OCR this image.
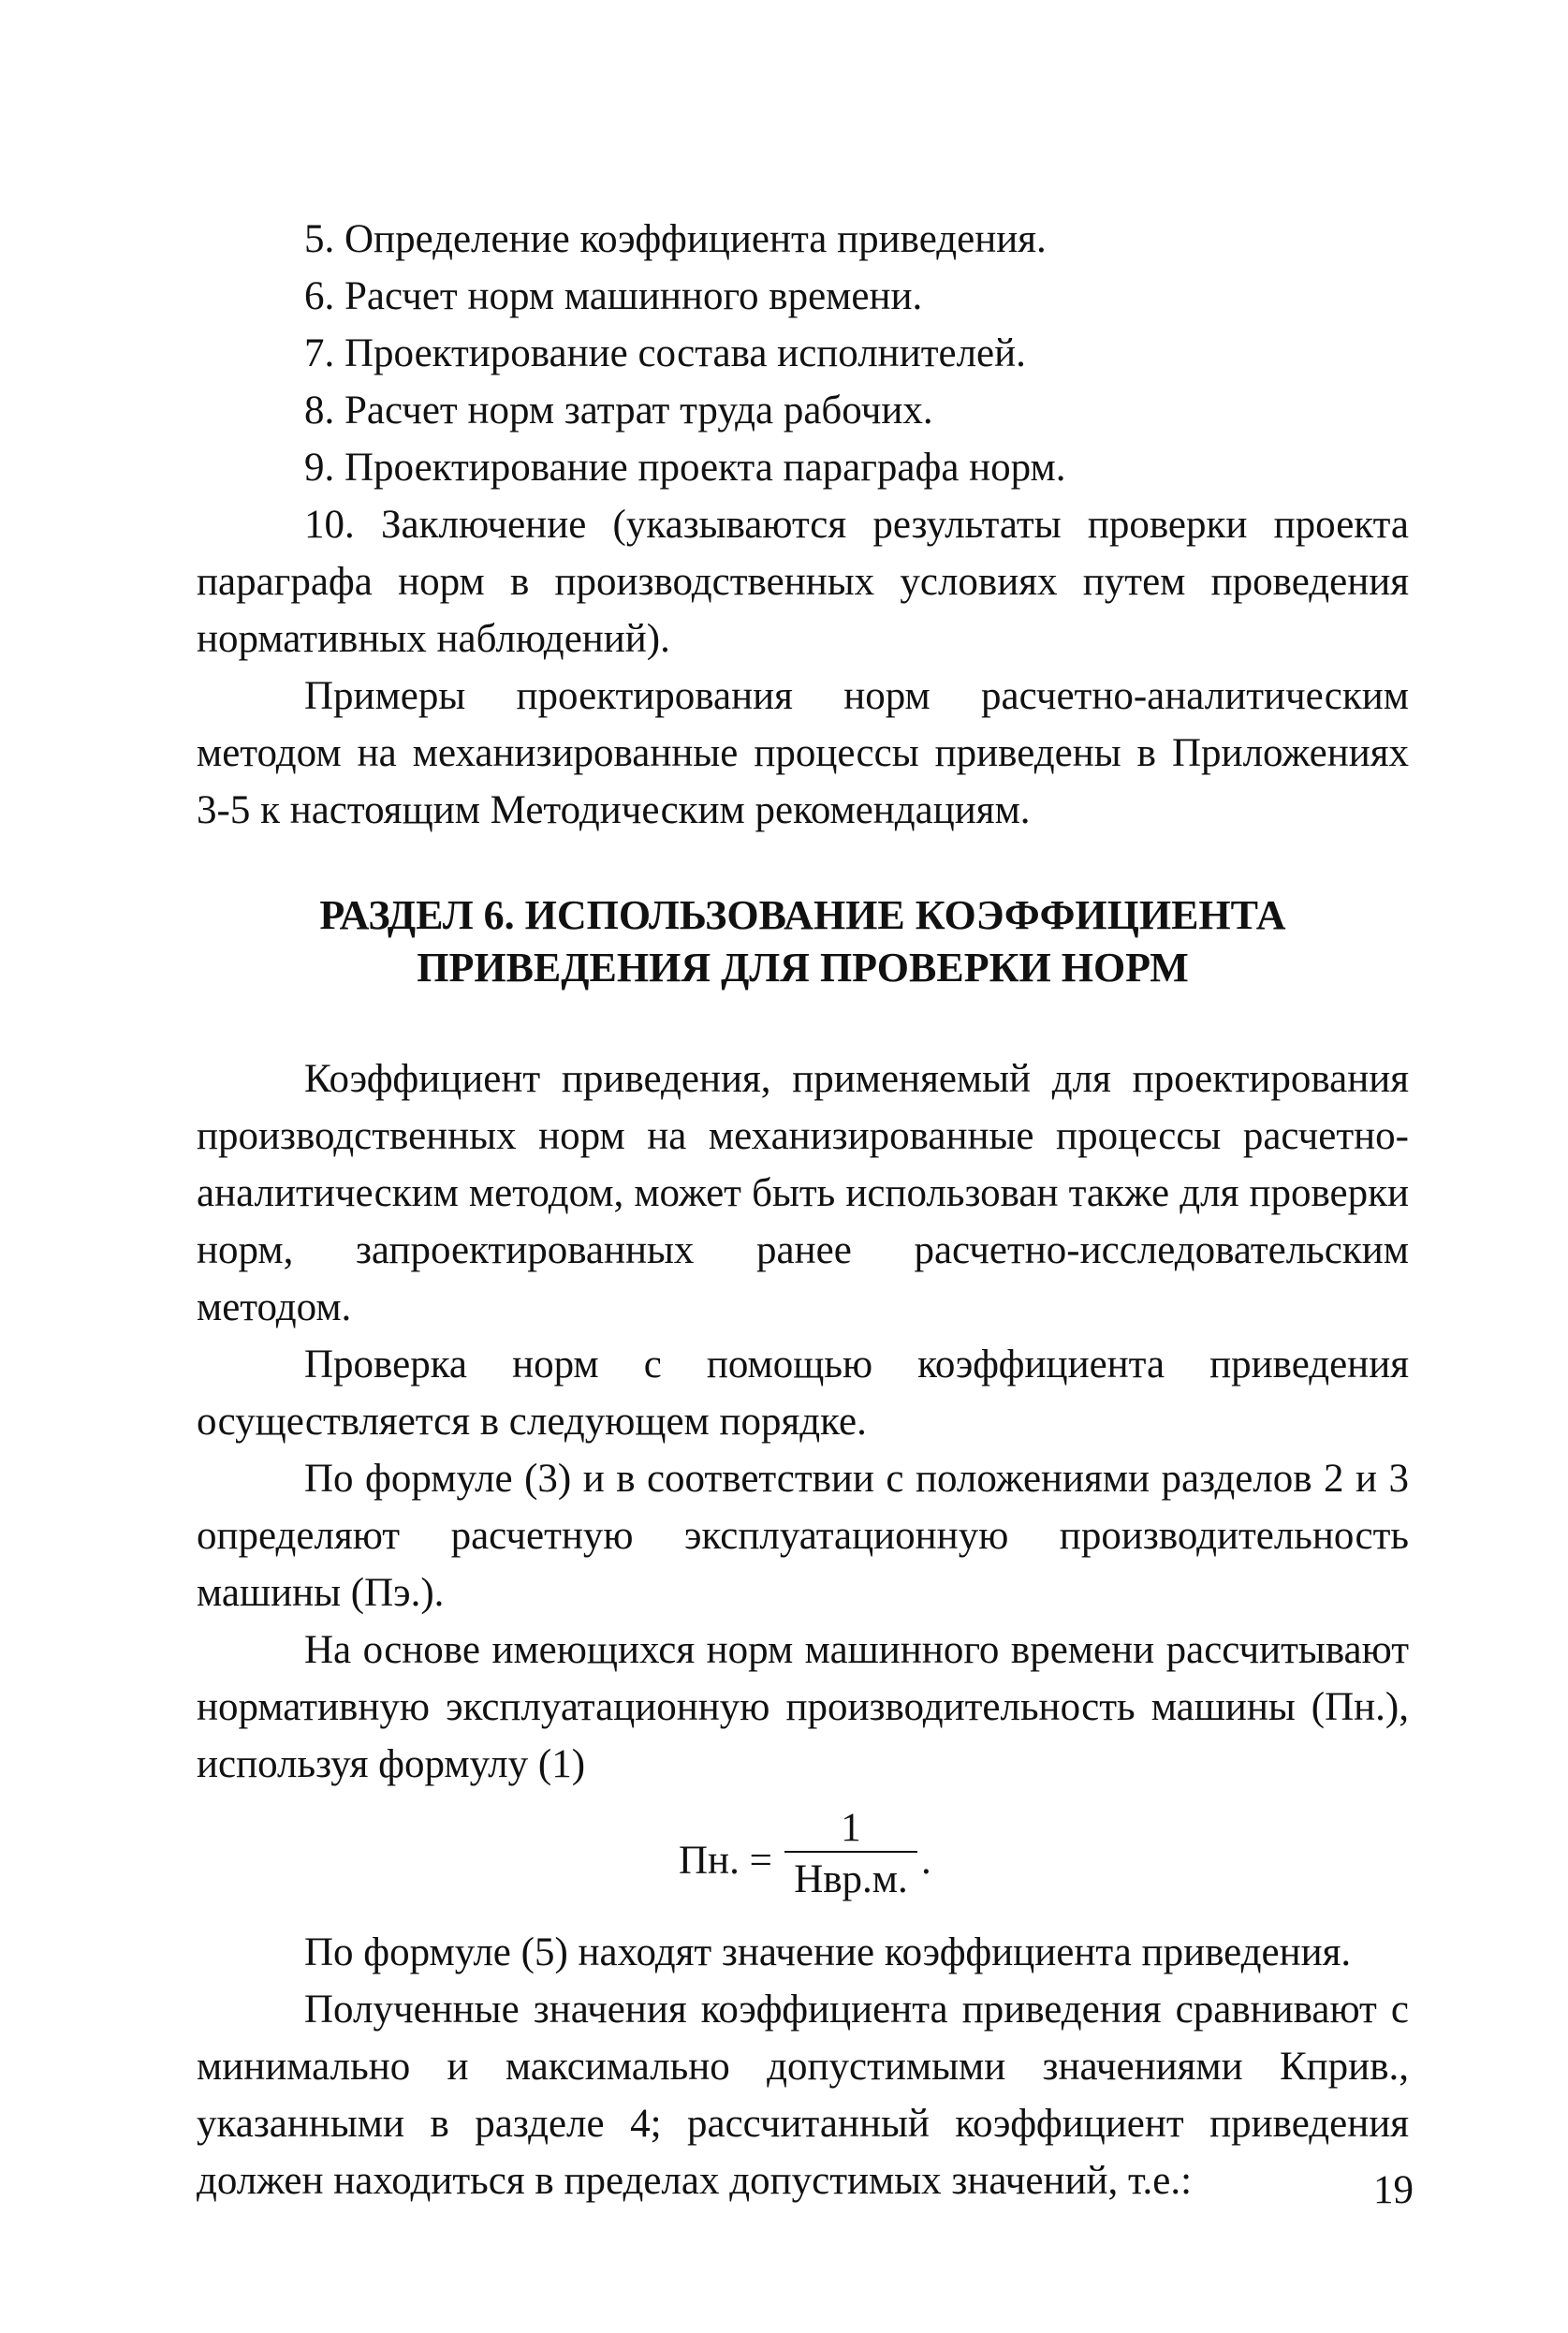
5. Определение коэффициента приведения.

6. Расчет норм машинного времени.

7. Проектирование состава исполнителей.

8. Расчет норм затрат труда рабочих.

9. Проектирование проекта параграфа норм.

10. Заключение (указываются результаты проверки проекта параграфа норм в производственных условиях путем проведения нормативных наблюдений).

Примеры проектирования норм расчетно-аналитическим методом на механизированные процессы приведены в Приложениях 3-5 к настоящим Методическим рекомендациям.

РАЗДЕЛ 6. ИСПОЛЬЗОВАНИЕ КОЭФФИЦИЕНТА
ПРИВЕДЕНИЯ ДЛЯ ПРОВЕРКИ НОРМ

Коэффициент приведения, применяемый для проектирования производственных норм на механизированные процессы расчетно-аналитическим методом, может быть использован также для проверки норм, запроектированных ранее расчетно-исследовательским методом.

Проверка норм с помощью коэффициента приведения осуществляется в следующем порядке.

По формуле (3) и в соответствии с положениями разделов 2 и 3 определяют расчетную эксплуатационную производительность машины (Пэ.).

На основе имеющихся норм машинного времени рассчитывают нормативную эксплуатационную производительность машины (Пн.), используя формулу (1)

Пн. =
1
Нвр.м. .

По формуле (5) находят значение коэффициента приведения.

Полученные значения коэффициента приведения сравнивают с минимально и максимально допустимыми значениями Кприв., указанными в разделе 4; рассчитанный коэффициент приведения должен находиться в пределах допустимых значений, т.е.:	19
